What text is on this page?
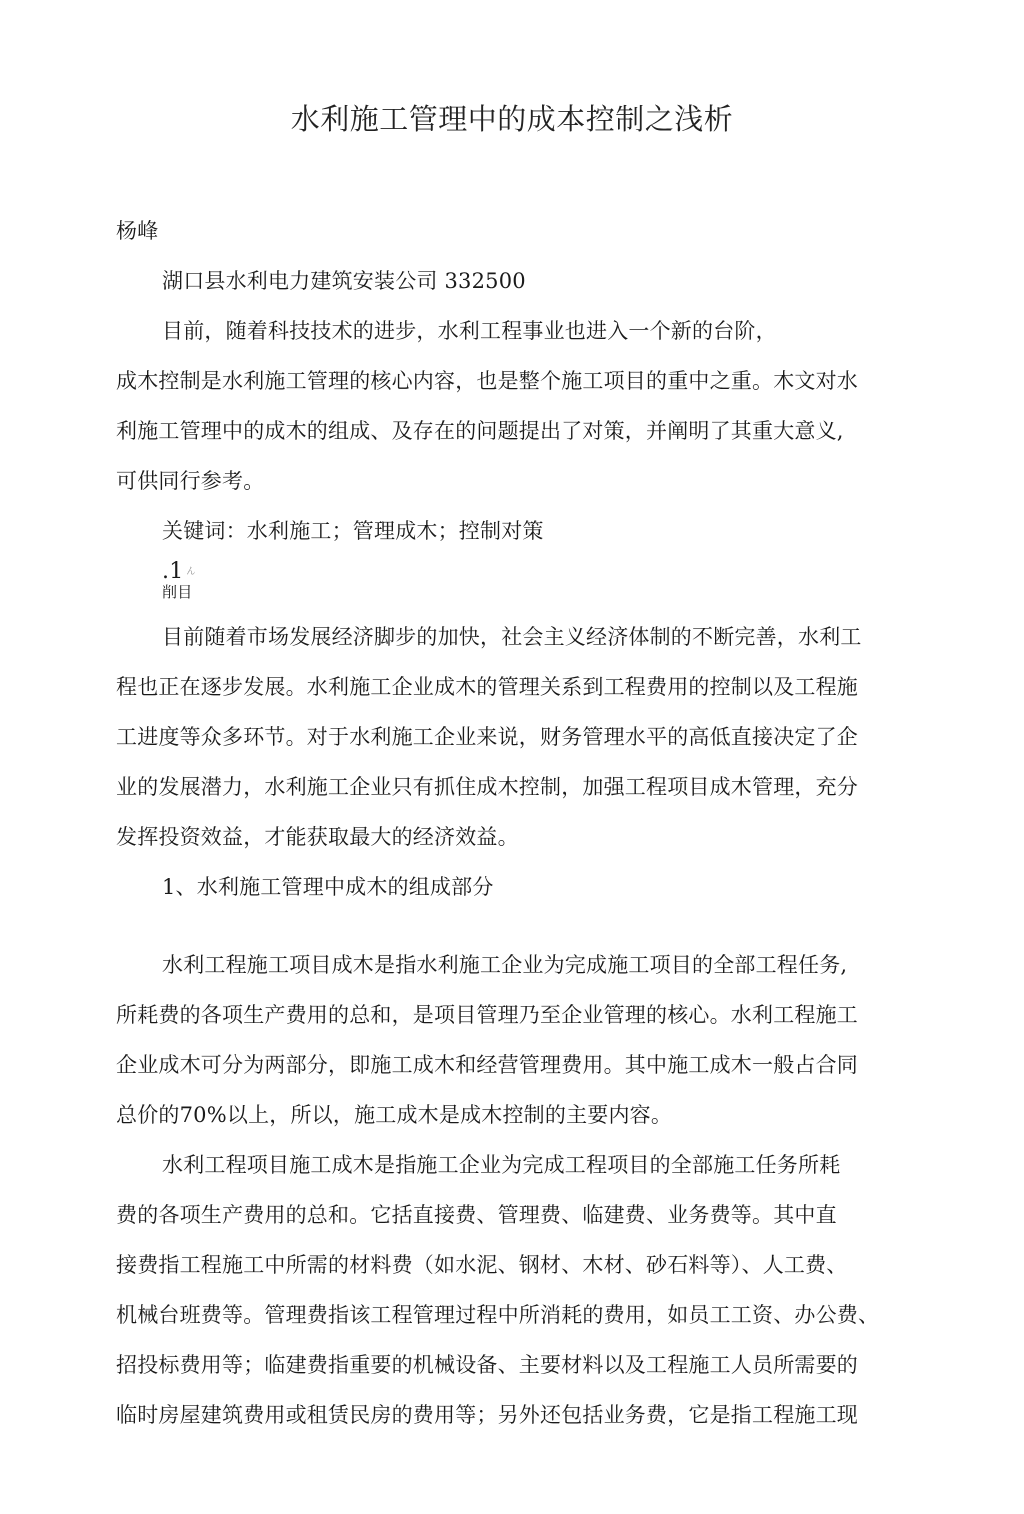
水利施工管理中的成本控制之浅析
杨峰
湖口县水利电力建筑安装公司 332500
目前，随着科技技术的进步，水利工程事业也进入一个新的台阶，
成木控制是水利施工管理的核心内容，也是整个施工项目的重中之重。木文对水
利施工管理中的成木的组成、及存在的问题提出了对策，并阐明了其重大意义,
可供同行参考。
关键词：水利施工；管理成木；控制对策
.1 $^ん$
削目
目前随着市场发展经济脚步的加快，社会主义经济体制的不断完善，水利工
程也正在逐步发展。水利施工企业成木的管理关系到工程费用的控制以及工程施
工进度等众多环节。对于水利施工企业来说，财务管理水平的高低直接决定了企
业的发展潜力，水利施工企业只有抓住成木控制，加强工程项目成木管理，充分
发挥投资效益，才能获取最大的经济效益。
1、水利施工管理中成木的组成部分
水利工程施工项目成木是指水利施工企业为完成施工项目的全部工程任务,
所耗费的各项生产费用的总和，是项目管理乃至企业管理的核心。水利工程施工
企业成木可分为两部分，即施工成木和经营管理费用。其中施工成木一般占合同
总价的70%以上，所以，施工成木是成木控制的主要内容。
水利工程项目施工成木是指施工企业为完成工程项目的全部施工任务所耗
费的各项生产费用的总和。它括直接费、管理费、临建费、业务费等。其中直
接费指工程施工中所需的材料费（如水泥、钢材、木材、砂石料等）、人工费、
机械台班费等。管理费指该工程管理过程中所消耗的费用，如员工工资、办公费、
招投标费用等；临建费指重要的机械设备、主要材料以及工程施工人员所需要的
临时房屋建筑费用或租赁民房的费用等；另外还包括业务费，它是指工程施工现
